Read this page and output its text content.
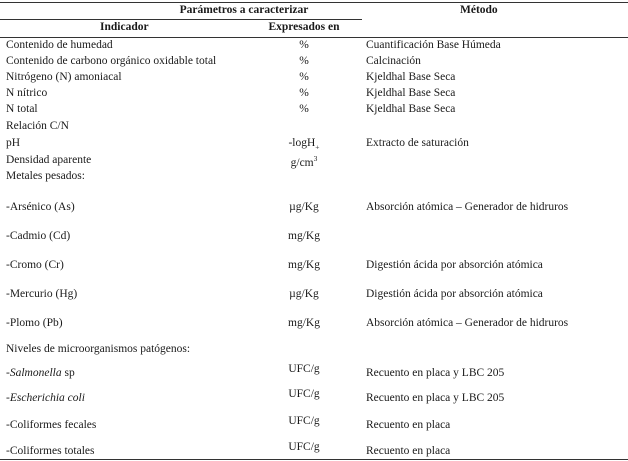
Parámetros a caracterizar	Método
Indicador	Expresados en
Contenido de humedad	%	Cuantificación Base Húmeda
Contenido de carbono orgánico oxidable total	%	Calcinación
Nitrógeno (N) amoniacal	%	Kjeldhal Base Seca
N nítrico	%	Kjeldhal Base Seca
N total	%	Kjeldhal Base Seca
Relación C/N
pH	-logH$_+$	Extracto de saturación
Densidad aparente	$g/cm^3$
Metales pesados:
-Arsénico (As)	µg/Kg	Absorción atómica – Generador de hidruros
-Cadmio (Cd)	mg/Kg
-Cromo (Cr)	mg/Kg	Digestión ácida por absorción atómica
-Mercurio (Hg)	µg/Kg	Digestión ácida por absorción atómica
-Plomo (Pb)	mg/Kg	Absorción atómica – Generador de hidruros
Niveles de microorganismos patógenos:
-Salmonella sp	UFC/g	Recuento en placa y LBC 205
-Escherichia coli	UFC/g	Recuento en placa y LBC 205
-Coliformes fecales	UFC/g	Recuento en placa
-Coliformes totales	UFC/g	Recuento en placa
